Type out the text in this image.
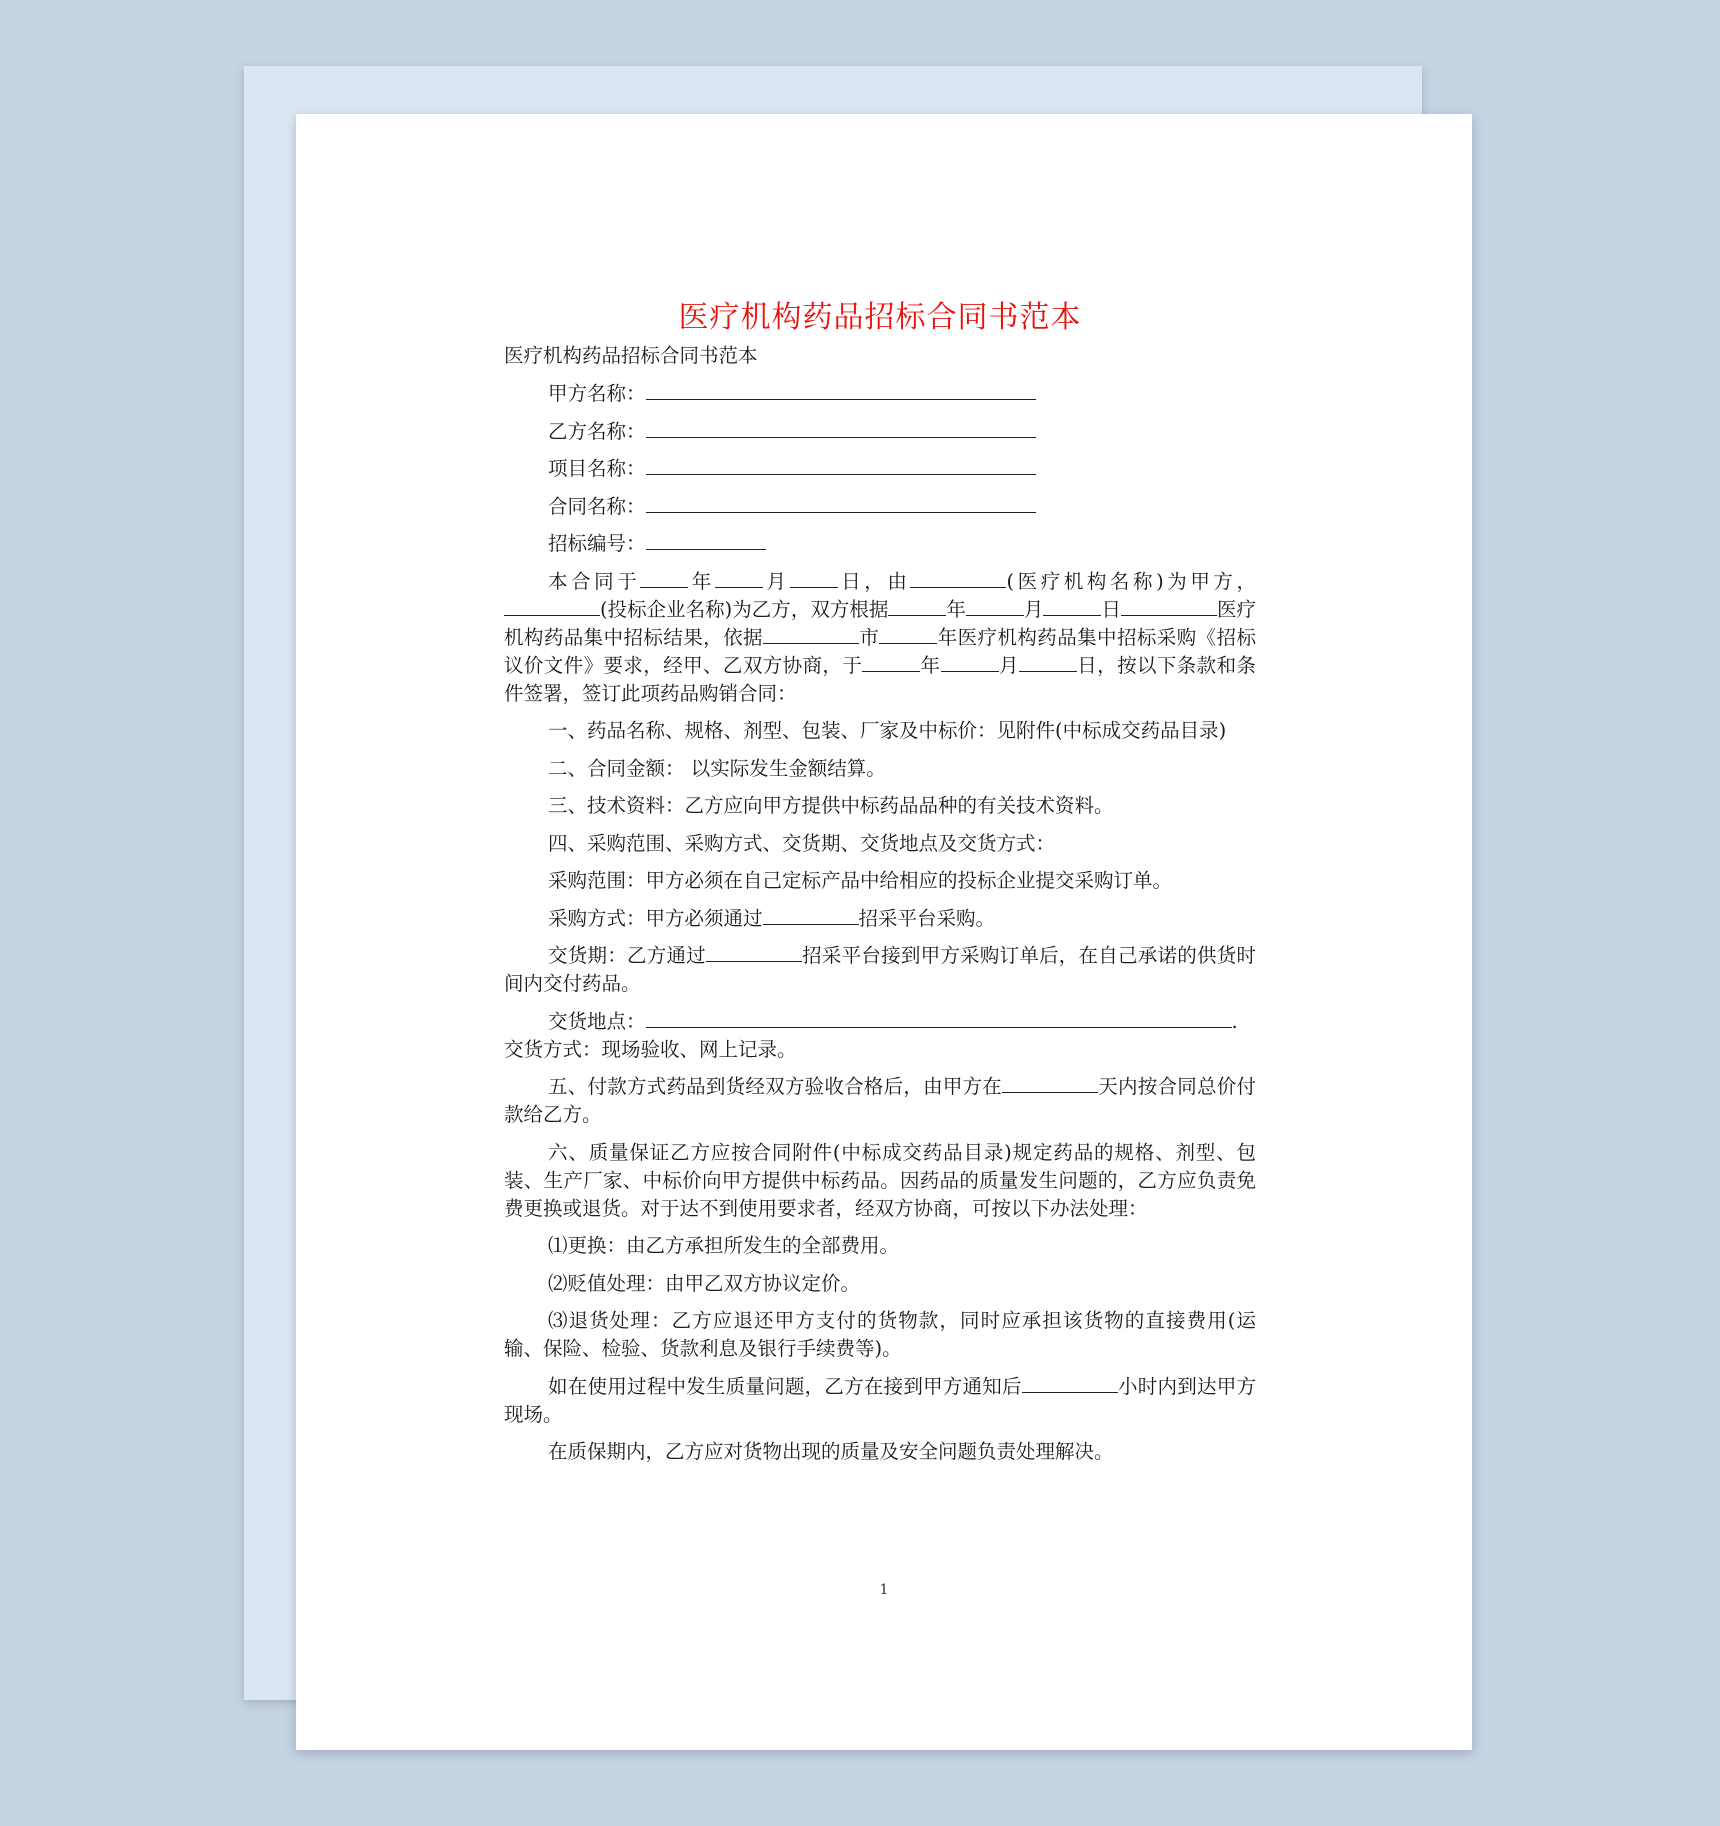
医疗机构药品招标合同书范本

医疗机构药品招标合同书范本

甲方名称：

乙方名称：

项目名称：

合同名称：

招标编号：

本合同于 年 月 日，由	(医疗机构名称)为甲方，(投标企业名称)为乙方，双方根据	年	月	日	医疗机构药品集中招标结果，依据	市	年医疗机构药品集中招标采购《招标议价文件》要求，经甲、乙双方协商，于	年	月	日，按以下条款和条件签署，签订此项药品购销合同：

一、药品名称、规格、剂型、包装、厂家及中标价：见附件(中标成交药品目录)

二、合同金额： 以实际发生金额结算。

三、技术资料：乙方应向甲方提供中标药品品种的有关技术资料。

四、采购范围、采购方式、交货期、交货地点及交货方式：

采购范围：甲方必须在自己定标产品中给相应的投标企业提交采购订单。

采购方式：甲方必须通过	招采平台采购。

交货期：乙方通过	招采平台接到甲方采购订单后，在自己承诺的供货时间内交付药品。

交货地点：	.

交货方式：现场验收、网上记录。

五、付款方式药品到货经双方验收合格后，由甲方在	天内按合同总价付款给乙方。

六、质量保证乙方应按合同附件(中标成交药品目录)规定药品的规格、剂型、包装、生产厂家、中标价向甲方提供中标药品。因药品的质量发生问题的，乙方应负责免费更换或退货。对于达不到使用要求者，经双方协商，可按以下办法处理：

⑴更换：由乙方承担所发生的全部费用。

⑵贬值处理：由甲乙双方协议定价。

⑶退货处理：乙方应退还甲方支付的货物款，同时应承担该货物的直接费用(运输、保险、检验、货款利息及银行手续费等)。

如在使用过程中发生质量问题，乙方在接到甲方通知后	小时内到达甲方现场。

在质保期内，乙方应对货物出现的质量及安全问题负责处理解决。

1
